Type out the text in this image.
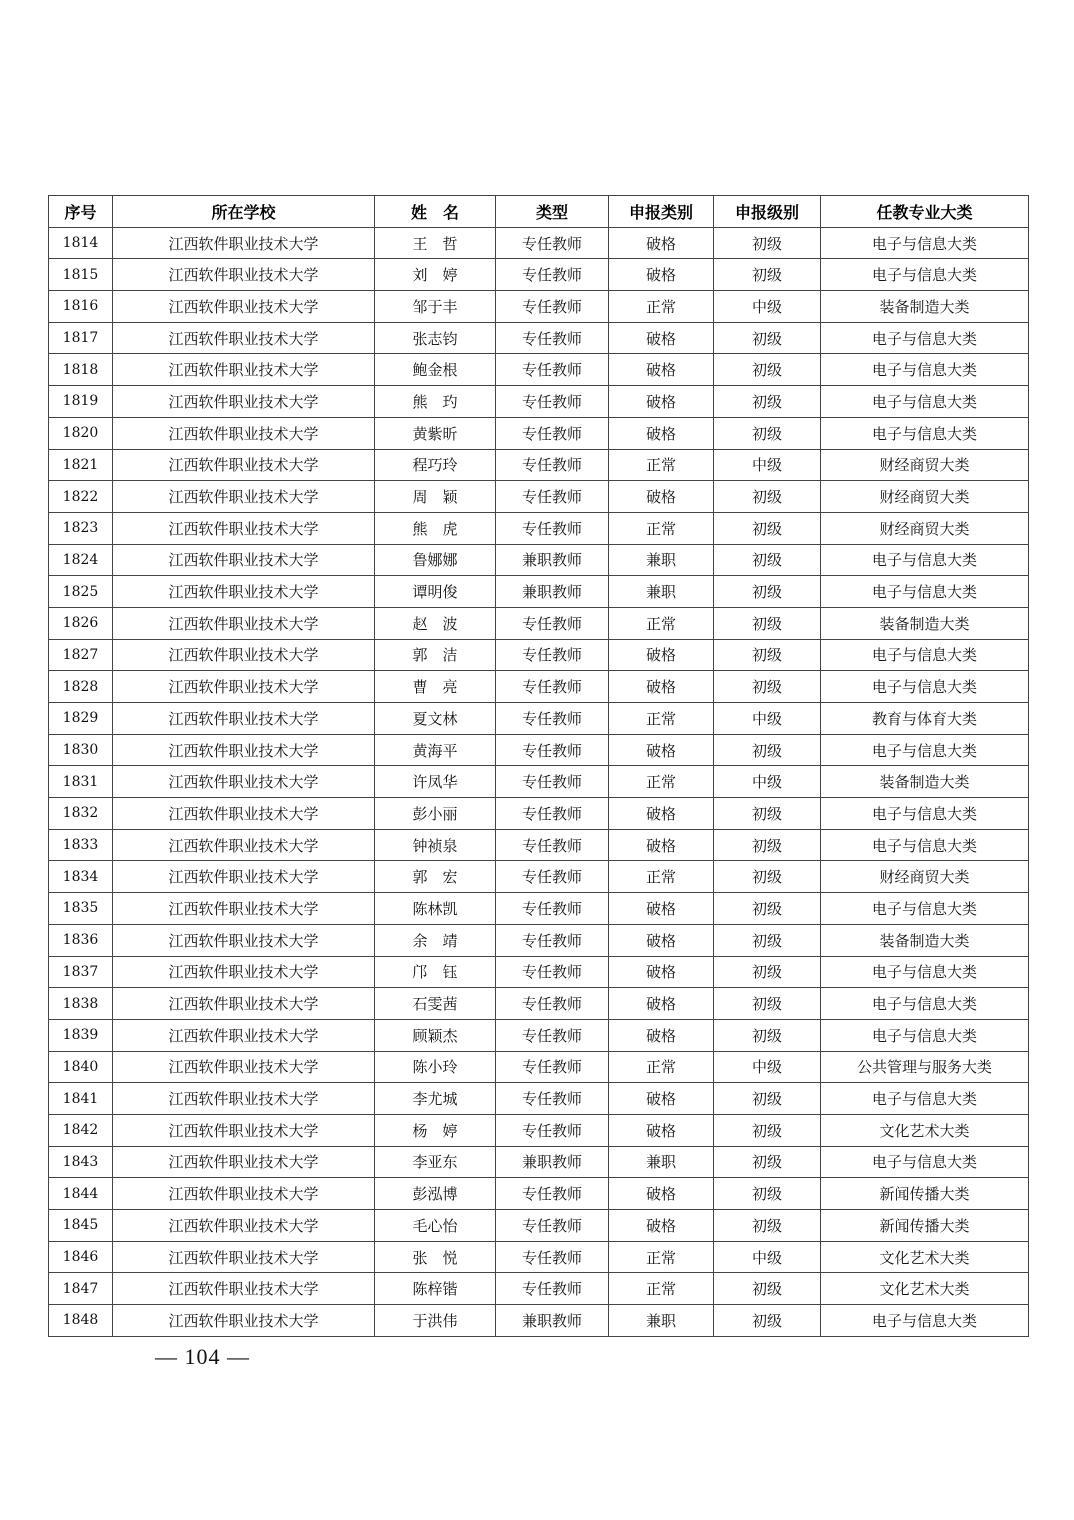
序号	所在学校	姓　名	类型	申报类别	申报级别	任教专业大类
1814	江西软件职业技术大学	王　哲	专任教师	破格	初级	电子与信息大类
1815	江西软件职业技术大学	刘　婷	专任教师	破格	初级	电子与信息大类
1816	江西软件职业技术大学	邹于丰	专任教师	正常	中级	装备制造大类
1817	江西软件职业技术大学	张志钧	专任教师	破格	初级	电子与信息大类
1818	江西软件职业技术大学	鲍金根	专任教师	破格	初级	电子与信息大类
1819	江西软件职业技术大学	熊　玓	专任教师	破格	初级	电子与信息大类
1820	江西软件职业技术大学	黄紫昕	专任教师	破格	初级	电子与信息大类
1821	江西软件职业技术大学	程巧玲	专任教师	正常	中级	财经商贸大类
1822	江西软件职业技术大学	周　颖	专任教师	破格	初级	财经商贸大类
1823	江西软件职业技术大学	熊　虎	专任教师	正常	初级	财经商贸大类
1824	江西软件职业技术大学	鲁娜娜	兼职教师	兼职	初级	电子与信息大类
1825	江西软件职业技术大学	谭明俊	兼职教师	兼职	初级	电子与信息大类
1826	江西软件职业技术大学	赵　波	专任教师	正常	初级	装备制造大类
1827	江西软件职业技术大学	郭　洁	专任教师	破格	初级	电子与信息大类
1828	江西软件职业技术大学	曹　亮	专任教师	破格	初级	电子与信息大类
1829	江西软件职业技术大学	夏文林	专任教师	正常	中级	教育与体育大类
1830	江西软件职业技术大学	黄海平	专任教师	破格	初级	电子与信息大类
1831	江西软件职业技术大学	许凤华	专任教师	正常	中级	装备制造大类
1832	江西软件职业技术大学	彭小丽	专任教师	破格	初级	电子与信息大类
1833	江西软件职业技术大学	钟祯泉	专任教师	破格	初级	电子与信息大类
1834	江西软件职业技术大学	郭　宏	专任教师	正常	初级	财经商贸大类
1835	江西软件职业技术大学	陈林凯	专任教师	破格	初级	电子与信息大类
1836	江西软件职业技术大学	余　靖	专任教师	破格	初级	装备制造大类
1837	江西软件职业技术大学	邝　钰	专任教师	破格	初级	电子与信息大类
1838	江西软件职业技术大学	石雯茜	专任教师	破格	初级	电子与信息大类
1839	江西软件职业技术大学	顾颖杰	专任教师	破格	初级	电子与信息大类
1840	江西软件职业技术大学	陈小玲	专任教师	正常	中级	公共管理与服务大类
1841	江西软件职业技术大学	李尤城	专任教师	破格	初级	电子与信息大类
1842	江西软件职业技术大学	杨　婷	专任教师	破格	初级	文化艺术大类
1843	江西软件职业技术大学	李亚东	兼职教师	兼职	初级	电子与信息大类
1844	江西软件职业技术大学	彭泓博	专任教师	破格	初级	新闻传播大类
1845	江西软件职业技术大学	毛心怡	专任教师	破格	初级	新闻传播大类
1846	江西软件职业技术大学	张　悦	专任教师	正常	中级	文化艺术大类
1847	江西软件职业技术大学	陈梓锴	专任教师	正常	初级	文化艺术大类
1848	江西软件职业技术大学	于洪伟	兼职教师	兼职	初级	电子与信息大类
— 104 —
